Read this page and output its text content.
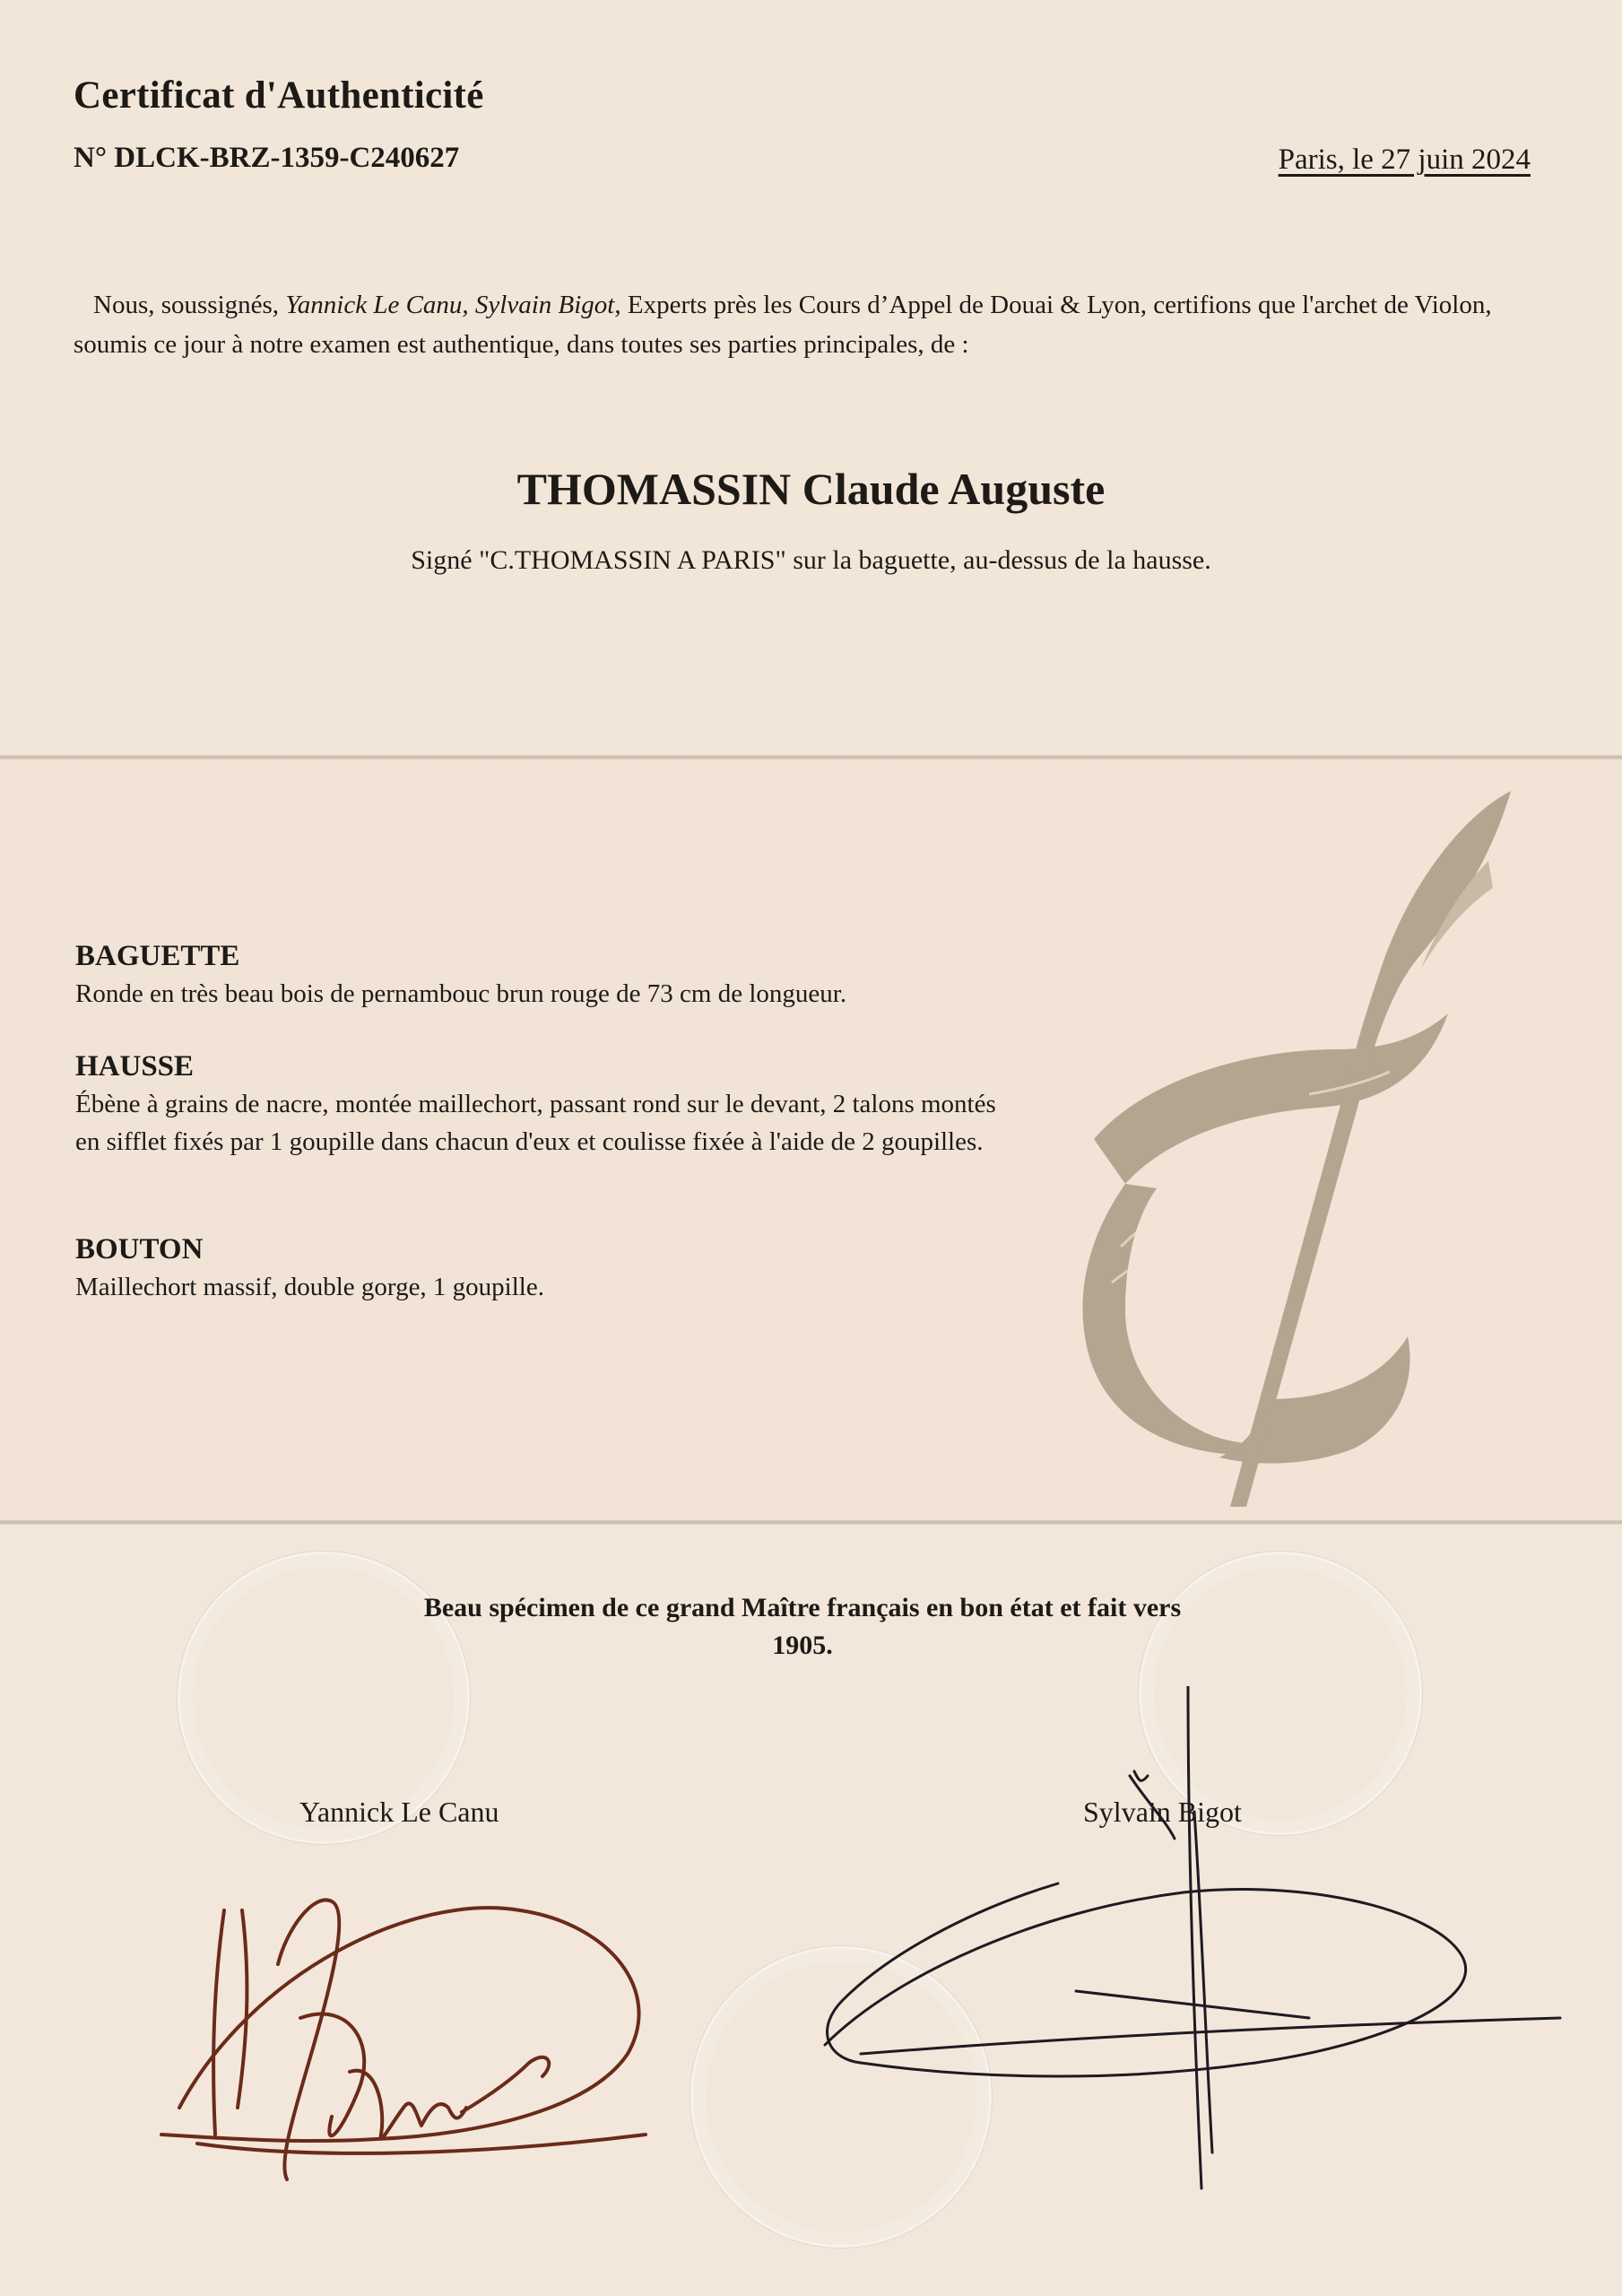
Certificat d'Authenticité
N° DLCK-BRZ-1359-C240627	Paris, le 27 juin 2024
Nous, soussignés, Yannick Le Canu, Sylvain Bigot, Experts près les Cours d’Appel de Douai & Lyon, certifions que l'archet de Violon, soumis ce jour à notre examen est authentique, dans toutes ses parties principales, de :
THOMASSIN Claude Auguste
Signé "C.THOMASSIN A PARIS" sur la baguette, au-dessus de la hausse.
BAGUETTE
Ronde en très beau bois de pernambouc brun rouge de 73 cm de longueur.
HAUSSE
Ébène à grains de nacre, montée maillechort, passant rond sur le devant, 2 talons montés en sifflet fixés par 1 goupille dans chacun d'eux et coulisse fixée à l'aide de 2 goupilles.
BOUTON
Maillechort massif, double gorge, 1 goupille.
Beau spécimen de ce grand Maître français en bon état et fait vers
1905.
Yannick Le Canu	Sylvain Bigot
